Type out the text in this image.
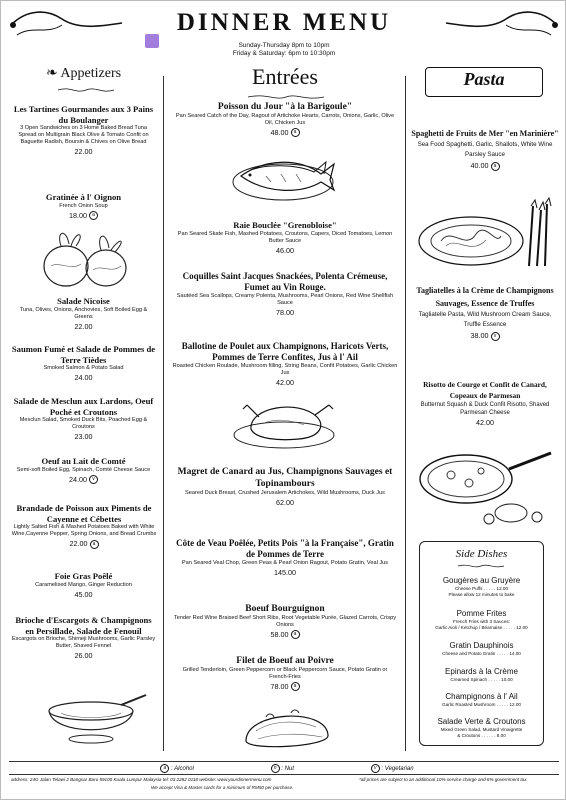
DINNER MENU
Sunday-Thursday 8pm to 10pm
Friday & Saturday: 6pm to 10:30pm
❧ Appetizers
Les Tartines Gourmandes aux 3 Pains du Boulanger
3 Open Sandwiches on 3 Home Baked Bread Tuna Spread on Multigrain Black Olive & Tomato Confit on Baguette Radish, Boursin & Chives on Olive Bread
22.00
Gratinée à l' Oignon
French Onion Soup
18.00 a
Salade Nicoise
Tuna, Olives, Onions, Anchovies, Soft Boiled Egg & Greens
22.00
Saumon Fumé et Salade de Pommes de Terre Tièdes
Smoked Salmon & Potato Salad
24.00
Salade de Mesclun aux Lardons, Oeuf Poché et Croutons
Mesclun Salad, Smoked Duck Bits, Poached Egg & Croutons
23.00
Oeuf au Lait de Comté
Semi-soft Boiled Egg, Spinach, Comté Cheese Sauce
24.00 v
Brandade de Poisson aux Piments de Cayenne et Cébettes
Lightly Salted Fish & Mashed Potatoes Baked with White Wine,Cayenne Pepper, Spring Onions, and Bread Crumbs
22.00 a
Foie Gras Poêlé
Caramelised Mango, Ginger Reduction
45.00
Brioche d'Escargots & Champignons en Persillade, Salade de Fenouil
Escargots on Brioche, Shimeji Mushrooms, Garlic Parsley Butter, Shaved Fennel
26.00
Entrées
Poisson du Jour "à la Barigoule"
Pan Seared Catch of the Day, Ragout of Artichoke Hearts, Carrots, Onions, Garlic, Olive Oil, Chicken Jus
48.00 a
Raie Bouclée "Grenobloise"
Pan Seared Skate Fish, Mashed Potatoes, Croutons, Capers, Diced Tomatoes, Lemon Butter Sauce
46.00
Coquilles Saint Jacques Snackées, Polenta Crémeuse, Fumet au Vin Rouge.
Sautéed Sea Scallops, Creamy Polenta, Mushrooms, Pearl Onions, Red Wine Shellfish Sauce
78.00
Ballotine de Poulet aux Champignons, Haricots Verts, Pommes de Terre Confites, Jus à l' Ail
Roasted Chicken Roulade, Mushroom filling, String Beans, Confit Potatoes, Garlic Chicken Jus
42.00
Magret de Canard au Jus, Champignons Sauvages et Topinambours
Seared Duck Breast, Crushed Jerusalem Artichokes, Wild Mushrooms, Duck Jus
62.00
Côte de Veau Poêlée, Petits Pois "à la Française", Gratin de Pommes de Terre
Pan Seared Veal Chop, Green Peas & Pearl Onion Ragout, Potato Gratin, Veal Jus
145.00
Boeuf Bourguignon
Tender Red Wine Braised Beef Short Ribs, Root Vegetable Purée, Glazed Carrots, Crispy Onions
58.00 a
Filet de Boeuf au Poivre
Grilled Tenderloin, Green Peppercorn or Black Peppercorn Sauce, Potato Gratin or French-Fries
78.00 a
Pasta
Spaghetti de Fruits de Mer "en Marinière"
Sea Food Spaghetti, Garlic, Shallots, White Wine Parsley Sauce
40.00 a
Tagliatelles à la Crème de Champignons Sauvages, Essence de Truffes
Tagliatelle Pasta, Wild Mushroom Cream Sauce, Truffle Essence
38.00 v
Risotto de Courge et Confit de Canard, Copeaux de Parmesan
Butternut Squash & Duck Confit Risotto, Shaved Parmesan Cheese
42.00
Side Dishes
Gougères au Gruyère
Cheese Puffs . . . . . 12.00
Please allow 12 minutes to bake
Pomme Frites
French Fries with 3 Sauces:
Garlic Aioli / Ketchup / Béarnaise . . . . . 12.00
Gratin Dauphinois
Cheese and Potato Gratin . . . . . 14.00
Epinards à la Crème
Creamed Spinach . . . . . 10.00
Champignons à l' Ail
Garlic Roasted Mushroom . . . . . 12.00
Salade Verte & Croutons
Mixed Green Salad, Mustard Vinaigrette
& Croutons . . . . . . 8.00
a : Alcohol	n : Nut	v : Vegetarian
address: 24G Jalan Telawi 2 Bangsar Baru 59100 Kuala Lumpur Malaysia tel: 03 2282 0118 website: www.yourdinnermenu.com
We accept Visa & Master cards for a minimum of RM50 per purchase.
*all prices are subject to an additional 10% service charge and 6% government tax.
